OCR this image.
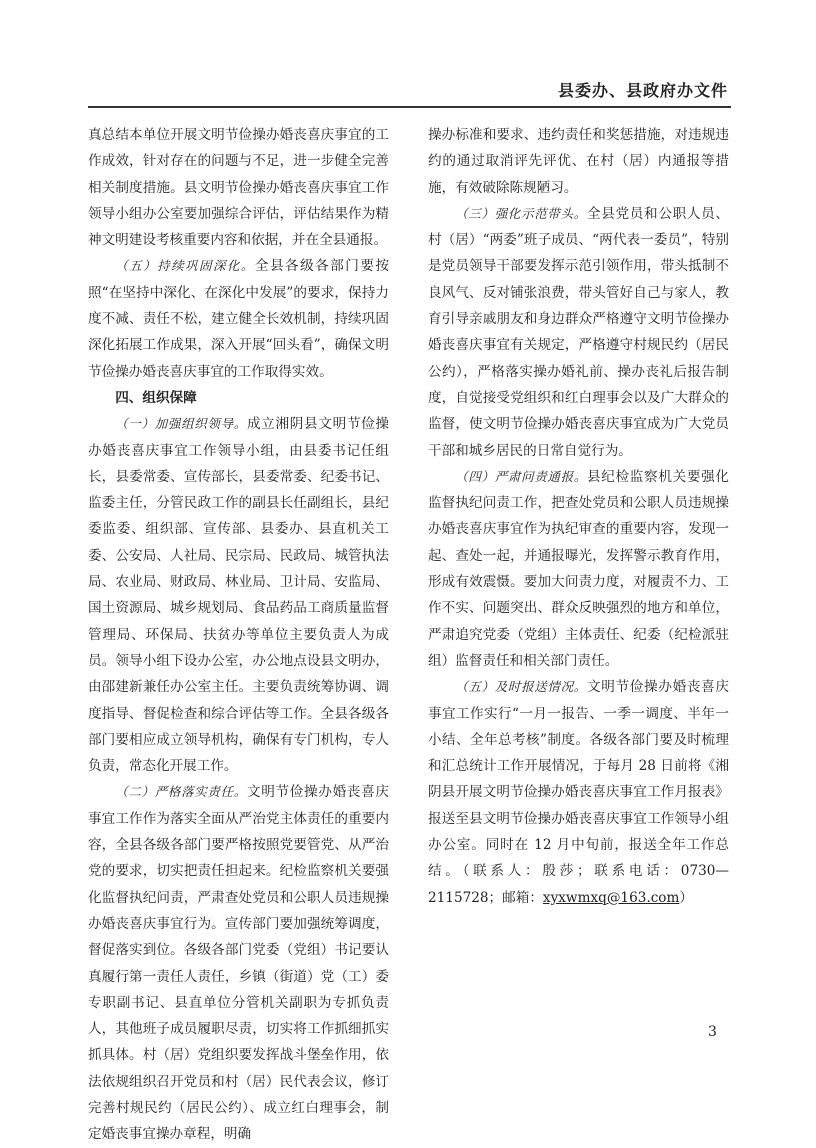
县委办、县政府办文件

真总结本单位开展文明节俭操办婚丧喜庆事宜的工作成效，针对存在的问题与不足，进一步健全完善相关制度措施。县文明节俭操办婚丧喜庆事宜工作领导小组办公室要加强综合评估，评估结果作为精神文明建设考核重要内容和依据，并在全县通报。

（五）持续巩固深化。全县各级各部门要按照“在坚持中深化、在深化中发展”的要求，保持力度不减、责任不松，建立健全长效机制，持续巩固深化拓展工作成果，深入开展“回头看”，确保文明节俭操办婚丧喜庆事宜的工作取得实效。

四、组织保障

（一）加强组织领导。成立湘阴县文明节俭操办婚丧喜庆事宜工作领导小组，由县委书记任组长，县委常委、宣传部长，县委常委、纪委书记、监委主任，分管民政工作的副县长任副组长，县纪委监委、组织部、宣传部、县委办、县直机关工委、公安局、人社局、民宗局、民政局、城管执法局、农业局、财政局、林业局、卫计局、安监局、国土资源局、城乡规划局、食品药品工商质量监督管理局、环保局、扶贫办等单位主要负责人为成员。领导小组下设办公室，办公地点设县文明办，由邵建新兼任办公室主任。主要负责统筹协调、调度指导、督促检查和综合评估等工作。全县各级各部门要相应成立领导机构，确保有专门机构，专人负责，常态化开展工作。

（二）严格落实责任。文明节俭操办婚丧喜庆事宜工作作为落实全面从严治党主体责任的重要内容，全县各级各部门要严格按照党要管党、从严治党的要求，切实把责任担起来。纪检监察机关要强化监督执纪问责，严肃查处党员和公职人员违规操办婚丧喜庆事宜行为。宣传部门要加强统筹调度，督促落实到位。各级各部门党委（党组）书记要认真履行第一责任人责任，乡镇（街道）党（工）委专职副书记、县直单位分管机关副职为专抓负责人，其他班子成员履职尽责，切实将工作抓细抓实抓具体。村（居）党组织要发挥战斗堡垒作用，依法依规组织召开党员和村（居）民代表会议，修订完善村规民约（居民公约）、成立红白理事会，制定婚丧事宜操办章程，明确

操办标准和要求、违约责任和奖惩措施，对违规违约的通过取消评先评优、在村（居）内通报等措施，有效破除陈规陋习。

（三）强化示范带头。全县党员和公职人员、村（居）“两委”班子成员、“两代表一委员”，特别是党员领导干部要发挥示范引领作用，带头抵制不良风气、反对铺张浪费，带头管好自己与家人，教育引导亲戚朋友和身边群众严格遵守文明节俭操办婚丧喜庆事宜有关规定，严格遵守村规民约（居民公约），严格落实操办婚礼前、操办丧礼后报告制度，自觉接受党组织和红白理事会以及广大群众的监督，使文明节俭操办婚丧喜庆事宜成为广大党员干部和城乡居民的日常自觉行为。

（四）严肃问责通报。县纪检监察机关要强化监督执纪问责工作，把查处党员和公职人员违规操办婚丧喜庆事宜作为执纪审查的重要内容，发现一起、查处一起，并通报曝光，发挥警示教育作用，形成有效震慑。要加大问责力度，对履责不力、工作不实、问题突出、群众反映强烈的地方和单位，严肃追究党委（党组）主体责任、纪委（纪检派驻组）监督责任和相关部门责任。

（五）及时报送情况。文明节俭操办婚丧喜庆事宜工作实行“一月一报告、一季一调度、半年一小结、全年总考核”制度。各级各部门要及时梳理和汇总统计工作开展情况，于每月 28 日前将《湘阴县开展文明节俭操办婚丧喜庆事宜工作月报表》报送至县文明节俭操办婚丧喜庆事宜工作领导小组办公室。同时在 12 月中旬前，报送全年工作总结。（联系人：殷莎；联系电话：0730—2115728；邮箱：xyxwmxq@163.com）

3
